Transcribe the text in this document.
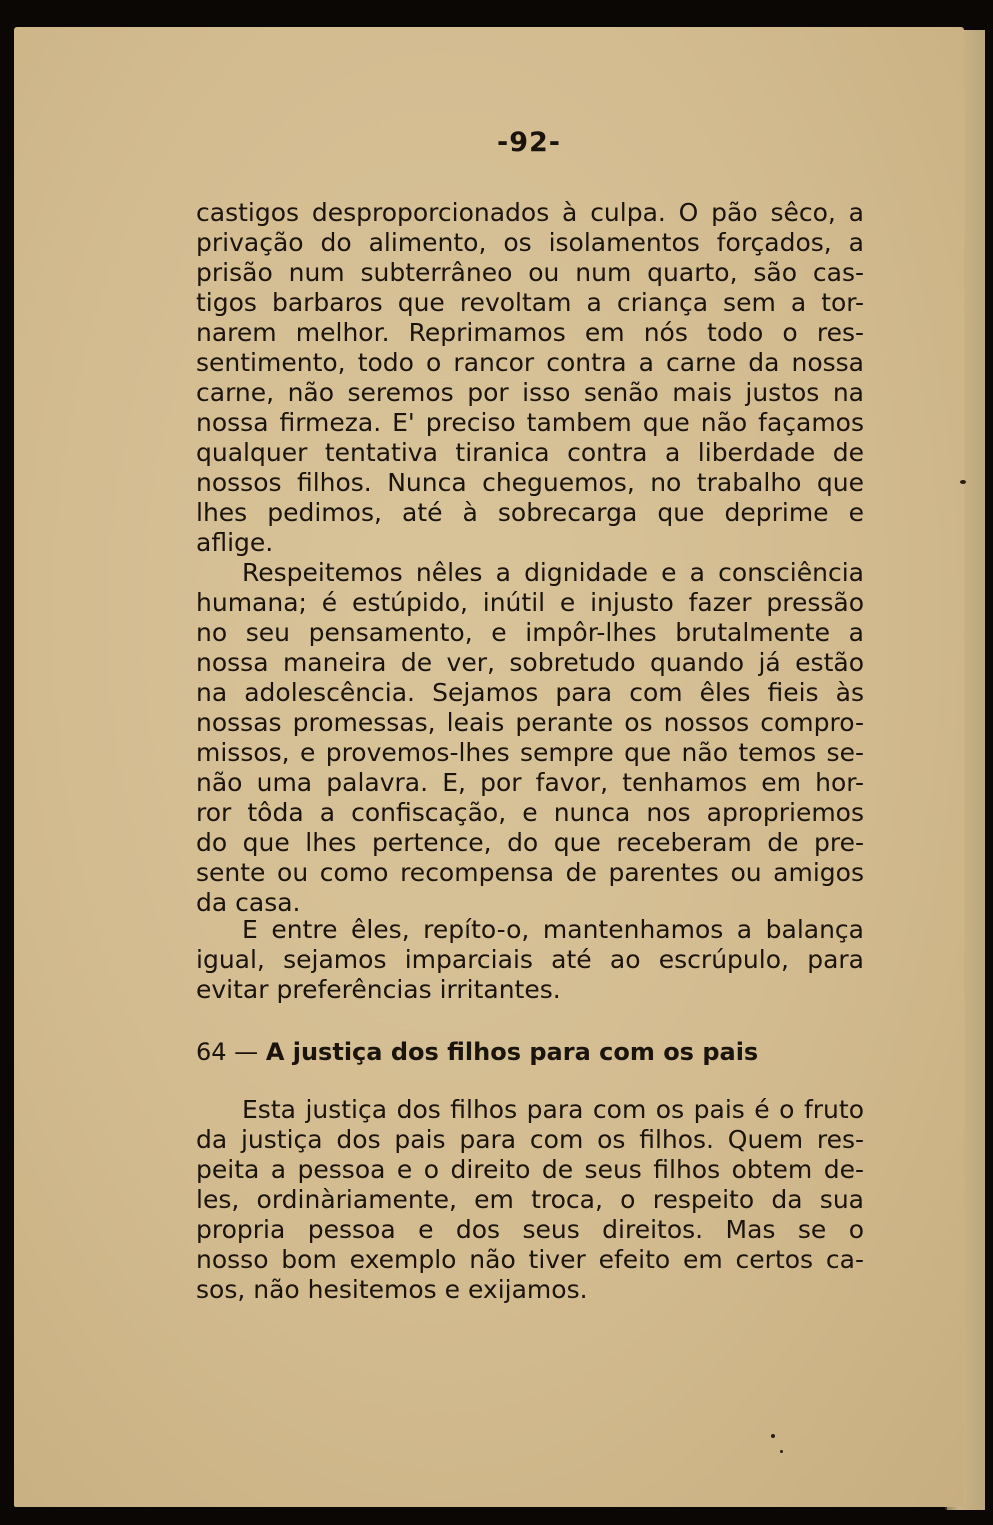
-92-
castigos desproporcionados à culpa. O pão sêco, a
privação do alimento, os isolamentos forçados, a
prisão num subterrâneo ou num quarto, são cas-
tigos barbaros que revoltam a criança sem a tor-
narem melhor. Reprimamos em nós todo o res-
sentimento, todo o rancor contra a carne da nossa
carne, não seremos por isso senão mais justos na
nossa firmeza. E' preciso tambem que não façamos
qualquer tentativa tiranica contra a liberdade de
nossos filhos. Nunca cheguemos, no trabalho que
lhes pedimos, até à sobrecarga que deprime e
aflige.
Respeitemos nêles a dignidade e a consciência
humana; é estúpido, inútil e injusto fazer pressão
no seu pensamento, e impôr-lhes brutalmente a
nossa maneira de ver, sobretudo quando já estão
na adolescência. Sejamos para com êles fieis às
nossas promessas, leais perante os nossos compro-
missos, e provemos-lhes sempre que não temos se-
não uma palavra. E, por favor, tenhamos em hor-
ror tôda a confiscação, e nunca nos apropriemos
do que lhes pertence, do que receberam de pre-
sente ou como recompensa de parentes ou amigos
da casa.
E entre êles, repíto-o, mantenhamos a balança
igual, sejamos imparciais até ao escrúpulo, para
evitar preferências irritantes.
64 — A justiça dos filhos para com os pais
Esta justiça dos filhos para com os pais é o fruto
da justiça dos pais para com os filhos. Quem res-
peita a pessoa e o direito de seus filhos obtem de-
les, ordinàriamente, em troca, o respeito da sua
propria pessoa e dos seus direitos. Mas se o
nosso bom exemplo não tiver efeito em certos ca-
sos, não hesitemos e exijamos.
